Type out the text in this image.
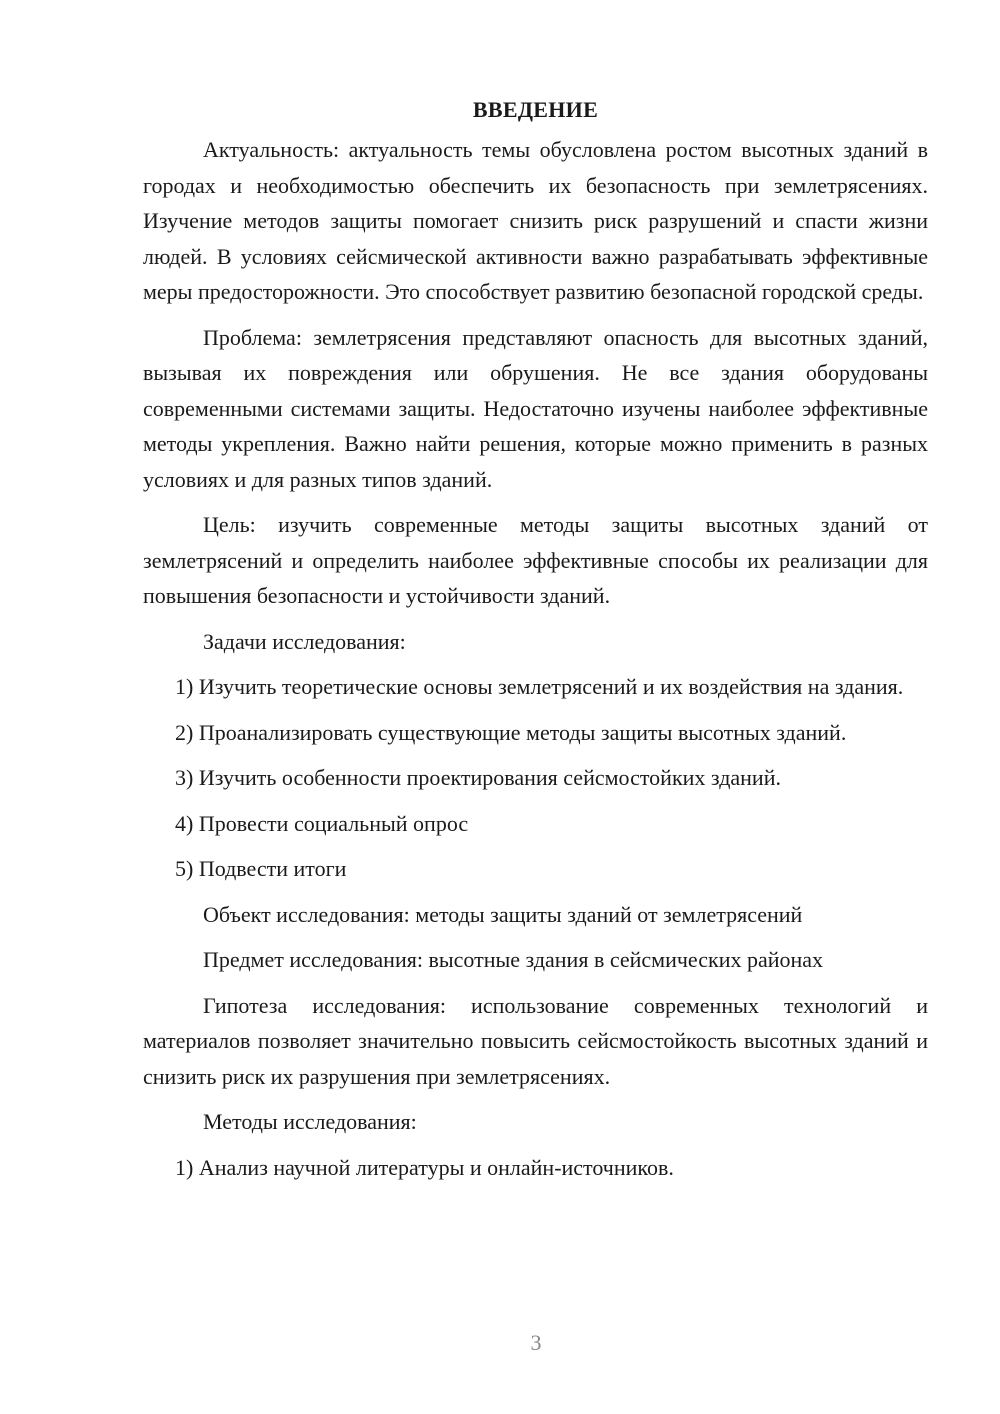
ВВЕДЕНИЕ

Актуальность: актуальность темы обусловлена ростом высотных зданий в городах и необходимостью обеспечить их безопасность при землетрясениях. Изучение методов защиты помогает снизить риск разрушений и спасти жизни людей. В условиях сейсмической активности важно разрабатывать эффективные меры предосторожности. Это способствует развитию безопасной городской среды.

Проблема: землетрясения представляют опасность для высотных зданий, вызывая их повреждения или обрушения. Не все здания оборудованы современными системами защиты. Недостаточно изучены наиболее эффективные методы укрепления. Важно найти решения, которые можно применить в разных условиях и для разных типов зданий.

Цель: изучить современные методы защиты высотных зданий от землетрясений и определить наиболее эффективные способы их реализации для повышения безопасности и устойчивости зданий.

Задачи исследования:

1) Изучить теоретические основы землетрясений и их воздействия на здания.

2) Проанализировать существующие методы защиты высотных зданий.

3) Изучить особенности проектирования сейсмостойких зданий.

4) Провести социальный опрос

5) Подвести итоги

Объект исследования: методы защиты зданий от землетрясений

Предмет исследования: высотные здания в сейсмических районах

Гипотеза исследования: использование современных технологий и материалов позволяет значительно повысить сейсмостойкость высотных зданий и снизить риск их разрушения при землетрясениях.

Методы исследования:

1) Анализ научной литературы и онлайн-источников.

3
